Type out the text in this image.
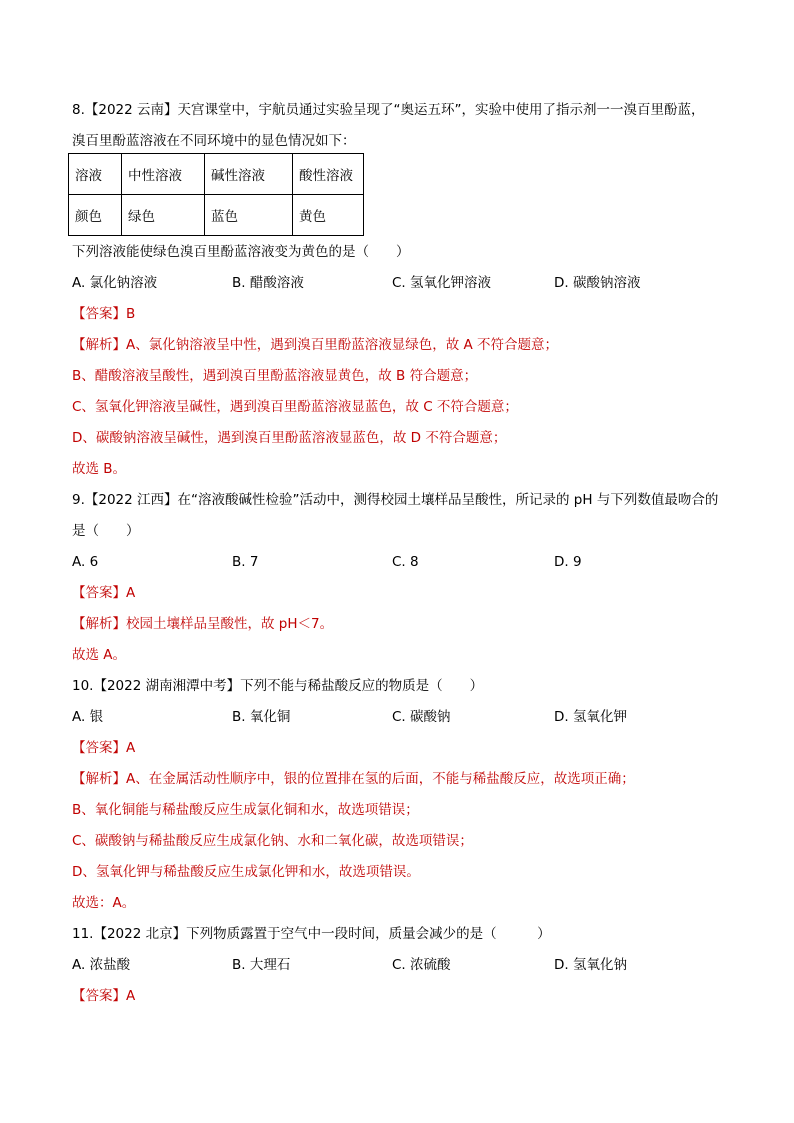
8.【2022 云南】天宫课堂中，宇航员通过实验呈现了“奥运五环”，实验中使用了指示剂一一溴百里酚蓝，

溴百里酚蓝溶液在不同环境中的显色情况如下：

溶液	中性溶液	碱性溶液	酸性溶液
颜色	绿色	蓝色	黄色

下列溶液能使绿色溴百里酚蓝溶液变为黄色的是（　　）

A. 氯化钠溶液	B. 醋酸溶液	C. 氢氧化钾溶液	D. 碳酸钠溶液

【答案】B

【解析】A、氯化钠溶液呈中性，遇到溴百里酚蓝溶液显绿色，故 A 不符合题意；

B、醋酸溶液呈酸性，遇到溴百里酚蓝溶液显黄色，故 B 符合题意；

C、氢氧化钾溶液呈碱性，遇到溴百里酚蓝溶液显蓝色，故 C 不符合题意；

D、碳酸钠溶液呈碱性，遇到溴百里酚蓝溶液显蓝色，故 D 不符合题意；

故选 B。

9.【2022 江西】在“溶液酸碱性检验”活动中，测得校园土壤样品呈酸性，所记录的 pH 与下列数值最吻合的

是（　　）

A. 6	B. 7	C. 8	D. 9

【答案】A

【解析】校园土壤样品呈酸性，故 pH＜7。

故选 A。

10.【2022 湖南湘潭中考】下列不能与稀盐酸反应的物质是（　　）

A. 银	B. 氧化铜	C. 碳酸钠	D. 氢氧化钾

【答案】A

【解析】A、在金属活动性顺序中，银的位置排在氢的后面，不能与稀盐酸反应，故选项正确；

B、氧化铜能与稀盐酸反应生成氯化铜和水，故选项错误；

C、碳酸钠与稀盐酸反应生成氯化钠、水和二氧化碳，故选项错误；

D、氢氧化钾与稀盐酸反应生成氯化钾和水，故选项错误。

故选：A。

11.【2022 北京】下列物质露置于空气中一段时间，质量会减少的是（　　　）

A. 浓盐酸	B. 大理石	C. 浓硫酸	D. 氢氧化钠

【答案】A
